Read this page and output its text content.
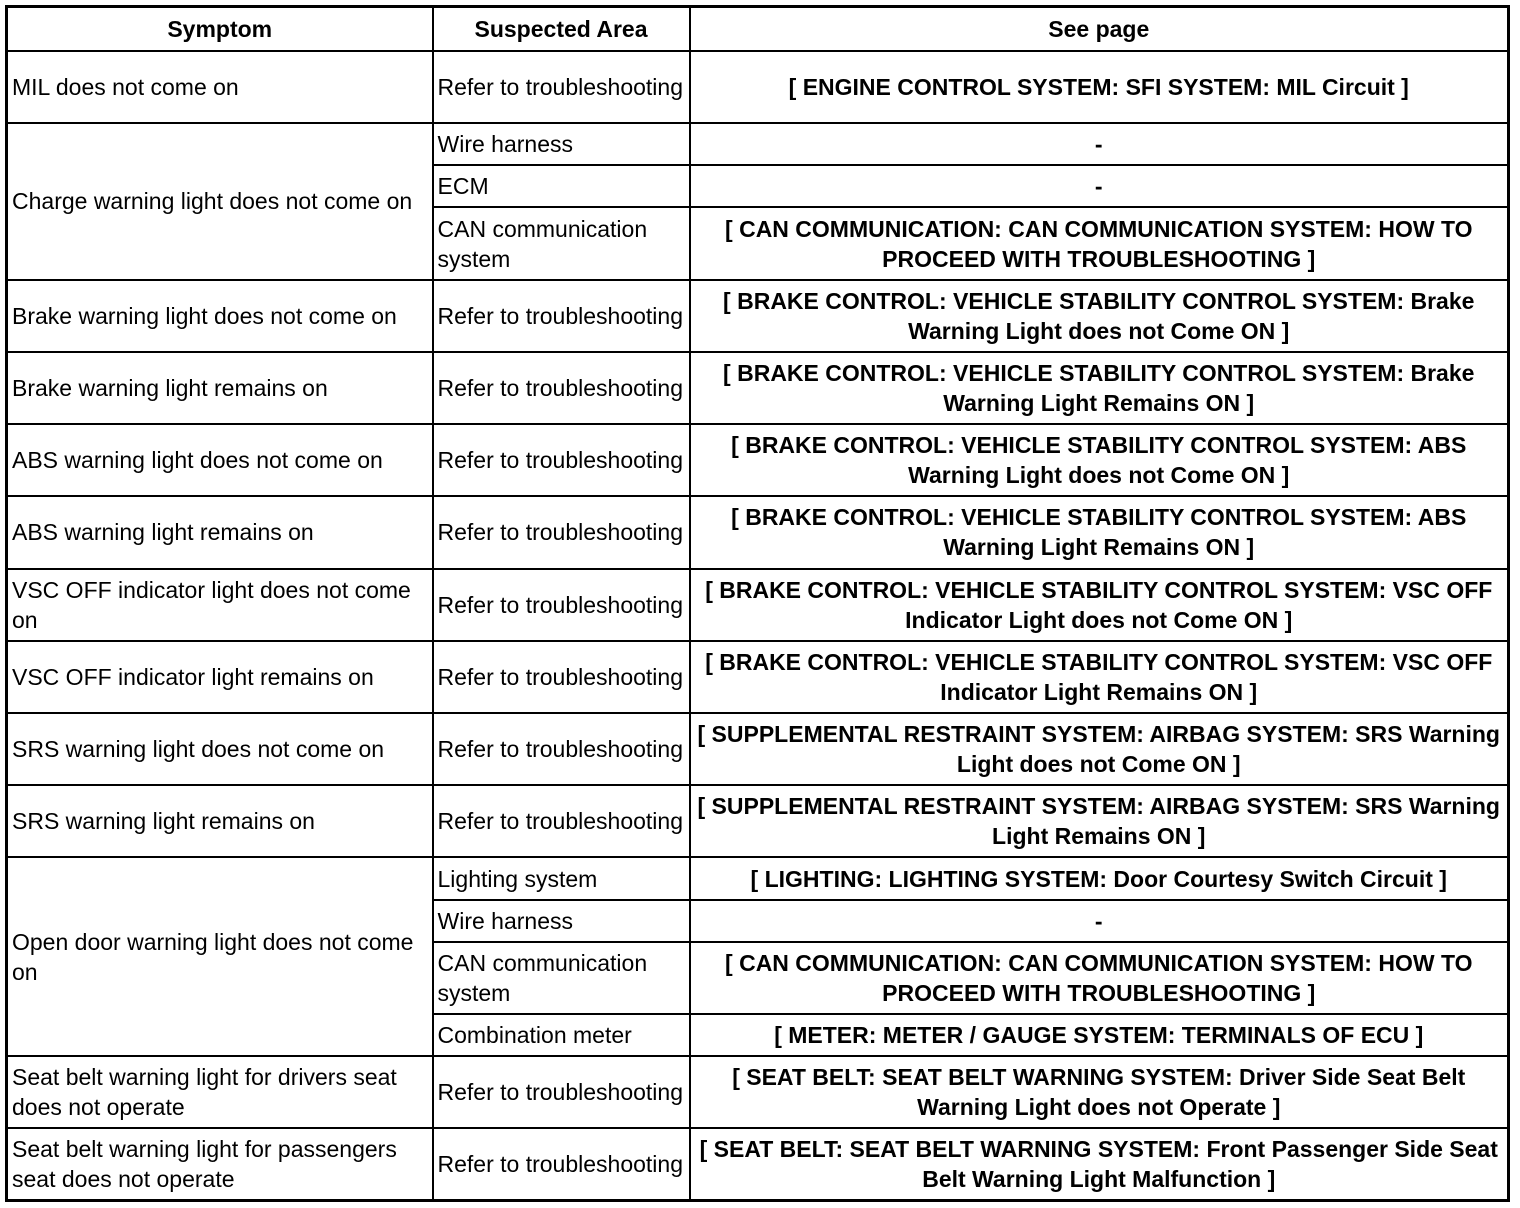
Symptom	Suspected Area	See page
MIL does not come on	Refer to troubleshooting	[ ENGINE CONTROL SYSTEM: SFI SYSTEM: MIL Circuit ]
Charge warning light does not come on	Wire harness	-
	ECM	-
	CAN communication system	[ CAN COMMUNICATION: CAN COMMUNICATION SYSTEM: HOW TO PROCEED WITH TROUBLESHOOTING ]
Brake warning light does not come on	Refer to troubleshooting	[ BRAKE CONTROL: VEHICLE STABILITY CONTROL SYSTEM: Brake Warning Light does not Come ON ]
Brake warning light remains on	Refer to troubleshooting	[ BRAKE CONTROL: VEHICLE STABILITY CONTROL SYSTEM: Brake Warning Light Remains ON ]
ABS warning light does not come on	Refer to troubleshooting	[ BRAKE CONTROL: VEHICLE STABILITY CONTROL SYSTEM: ABS Warning Light does not Come ON ]
ABS warning light remains on	Refer to troubleshooting	[ BRAKE CONTROL: VEHICLE STABILITY CONTROL SYSTEM: ABS Warning Light Remains ON ]
VSC OFF indicator light does not come on	Refer to troubleshooting	[ BRAKE CONTROL: VEHICLE STABILITY CONTROL SYSTEM: VSC OFF Indicator Light does not Come ON ]
VSC OFF indicator light remains on	Refer to troubleshooting	[ BRAKE CONTROL: VEHICLE STABILITY CONTROL SYSTEM: VSC OFF Indicator Light Remains ON ]
SRS warning light does not come on	Refer to troubleshooting	[ SUPPLEMENTAL RESTRAINT SYSTEM: AIRBAG SYSTEM: SRS Warning Light does not Come ON ]
SRS warning light remains on	Refer to troubleshooting	[ SUPPLEMENTAL RESTRAINT SYSTEM: AIRBAG SYSTEM: SRS Warning Light Remains ON ]
Open door warning light does not come on	Lighting system	[ LIGHTING: LIGHTING SYSTEM: Door Courtesy Switch Circuit ]
	Wire harness	-
	CAN communication system	[ CAN COMMUNICATION: CAN COMMUNICATION SYSTEM: HOW TO PROCEED WITH TROUBLESHOOTING ]
	Combination meter	[ METER: METER / GAUGE SYSTEM: TERMINALS OF ECU ]
Seat belt warning light for drivers seat does not operate	Refer to troubleshooting	[ SEAT BELT: SEAT BELT WARNING SYSTEM: Driver Side Seat Belt Warning Light does not Operate ]
Seat belt warning light for passengers seat does not operate	Refer to troubleshooting	[ SEAT BELT: SEAT BELT WARNING SYSTEM: Front Passenger Side Seat Belt Warning Light Malfunction ]
